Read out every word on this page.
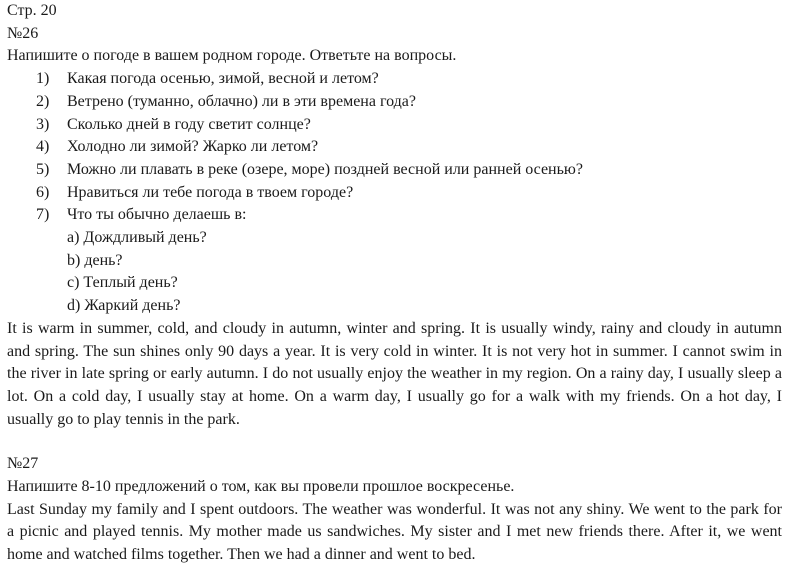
Стр. 20

№26

Напишите о погоде в вашем родном городе. Ответьте на вопросы.

1) Какая погода осенью, зимой, весной и летом?
2) Ветрено (туманно, облачно) ли в эти времена года?
3) Сколько дней в году светит солнце?
4) Холодно ли зимой? Жарко ли летом?
5) Можно ли плавать в реке (озере, море) поздней весной или ранней осенью?
6) Нравиться ли тебе погода в твоем городе?
7) Что ты обычно делаешь в:
a) Дождливый день?
b) день?
c) Теплый день?
d) Жаркий день?

It is warm in summer, cold, and cloudy in autumn, winter and spring. It is usually windy, rainy and cloudy in autumn and spring. The sun shines only 90 days a year. It is very cold in winter. It is not very hot in summer. I cannot swim in the river in late spring or early autumn. I do not usually enjoy the weather in my region. On a rainy day, I usually sleep a lot. On a cold day, I usually stay at home. On a warm day, I usually go for a walk with my friends. On a hot day, I usually go to play tennis in the park.

№27

Напишите 8-10 предложений о том, как вы провели прошлое воскресенье.

Last Sunday my family and I spent outdoors. The weather was wonderful. It was not any shiny. We went to the park for a picnic and played tennis. My mother made us sandwiches. My sister and I met new friends there. After it, we went home and watched films together. Then we had a dinner and went to bed.
